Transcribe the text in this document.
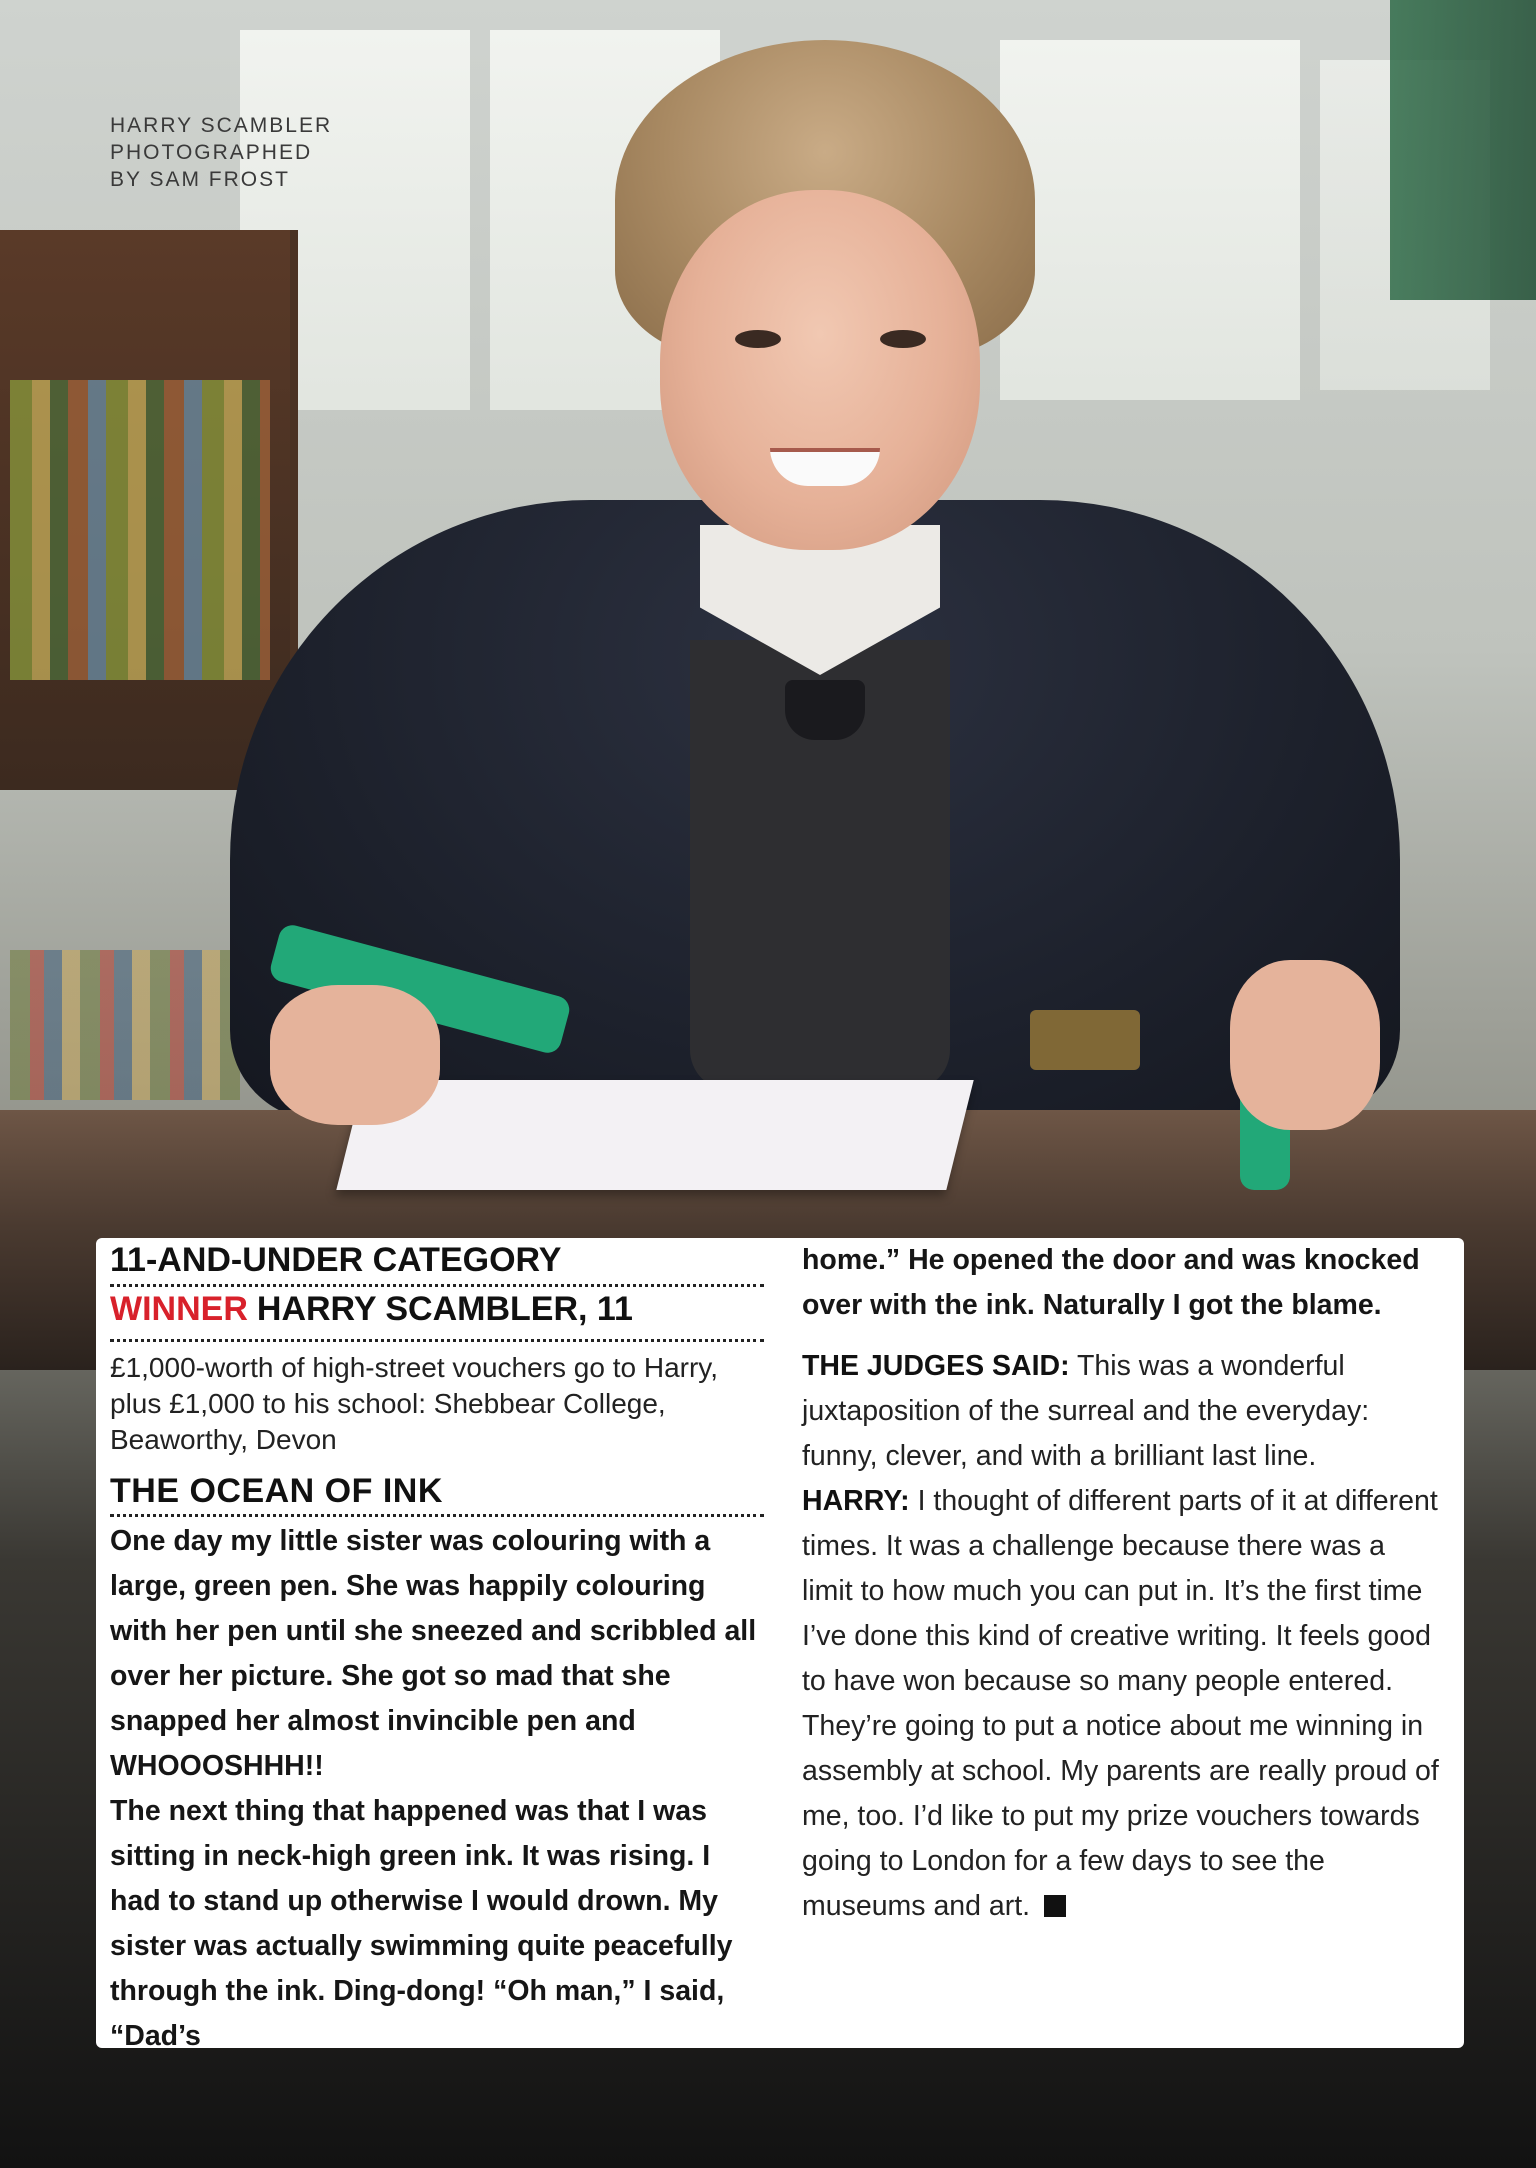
HARRY SCAMBLER
PHOTOGRAPHED
BY SAM FROST
11-AND-UNDER CATEGORY
WINNER HARRY SCAMBLER, 11
£1,000-worth of high-street vouchers go to Harry, plus £1,000 to his school: Shebbear College, Beaworthy, Devon
THE OCEAN OF INK

One day my little sister was colouring with a large, green pen. She was happily colouring with her pen until she sneezed and scribbled all over her picture. She got so mad that she snapped her almost invincible pen and WHOOOSHHH!!

The next thing that happened was that I was sitting in neck-high green ink. It was rising. I had to stand up otherwise I would drown. My sister was actually swimming quite peacefully through the ink. Ding-dong! “Oh man,” I said, “Dad’s

home.” He opened the door and was knocked over with the ink. Naturally I got the blame.

THE JUDGES SAID: This was a wonderful juxtaposition of the surreal and the everyday: funny, clever, and with a brilliant last line.

HARRY: I thought of different parts of it at different times. It was a challenge because there was a limit to how much you can put in. It’s the first time I’ve done this kind of creative writing. It feels good to have won because so many people entered. They’re going to put a notice about me winning in assembly at school. My parents are really proud of me, too. I’d like to put my prize vouchers towards going to London for a few days to see the museums and art.
